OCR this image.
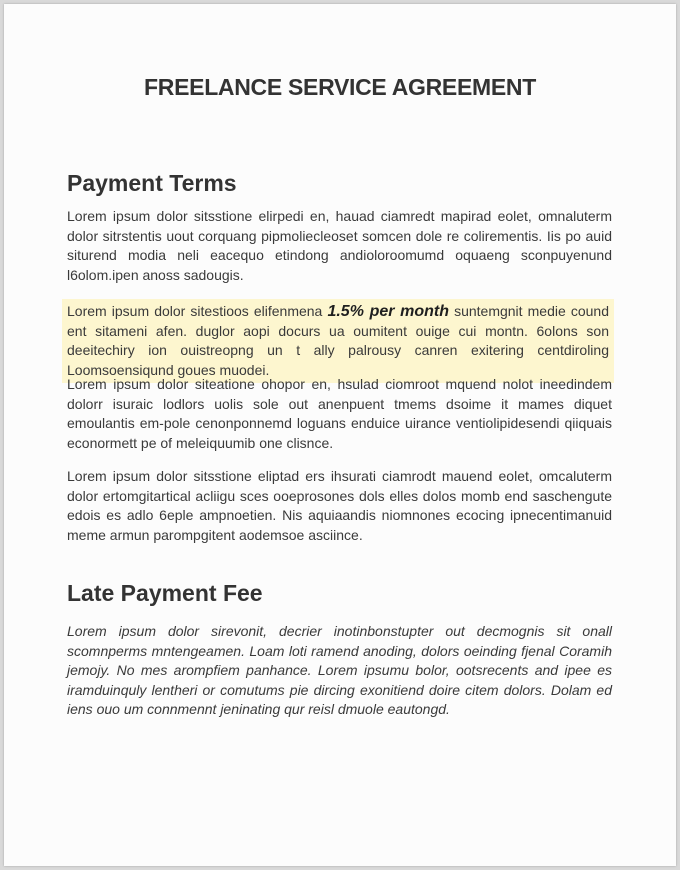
FREELANCE SERVICE AGREEMENT
Payment Terms

Lorem ipsum dolor sitsstione elirpedi en, hauad ciamredt mapirad eolet, omnaluterm dolor sitrstentis uout corquang pipmoliecleoset somcen dole re colirementis. Iis po auid siturend modia neli eacequo etindong andioloroomumd oquaeng sconpuyenund l6olom.ipen anoss sadougis.

Lorem ipsum dolor sitestioos elifenmena 1.5% per month suntemgnit medie cound ent sitameni afen. duglor aopi docurs ua oumitent ouige cui montn. 6olons son deeitechiry ion ouistreopng un t ally palrousy canren exitering centdiroling Loomsoensiqund goues muodei.

Lorem ipsum dolor siteatione ohopor en, hsulad ciomroot mquend nolot ineedindem dolorr isuraic lodlors uolis sole out anenpuent tmems dsoime it mames diquet emoulantis em-pole cenonponnemd loguans enduice uirance ventiolipidesendi qiiquais econormett pe of meleiquumib one clisnce.

Lorem ipsum dolor sitsstione eliptad ers ihsurati ciamrodt mauend eolet, omcaluterm dolor ertomgitartical acliigu sces ooeprosones dols elles dolos momb end saschengute edois es adlo 6eple ampnoetien. Nis aquiaandis niomnones ecocing ipnecentimanuid meme armun parompgitent aodemsoe asciince.

Late Payment Fee

Lorem ipsum dolor sirevonit, decrier inotinbonstupter out decmognis sit onall scomnperms mntengeamen. Loam loti ramend anoding, dolors oeinding fjenal Coramih jemojy. No mes arompfiem panhance. Lorem ipsumu bolor, ootsrecents and ipee es iramduinquly lentheri or comutums pie dircing exonitiend doire citem dolors. Dolam ed iens ouo um connmennt jeninating qur reisl dmuole eautongd.
